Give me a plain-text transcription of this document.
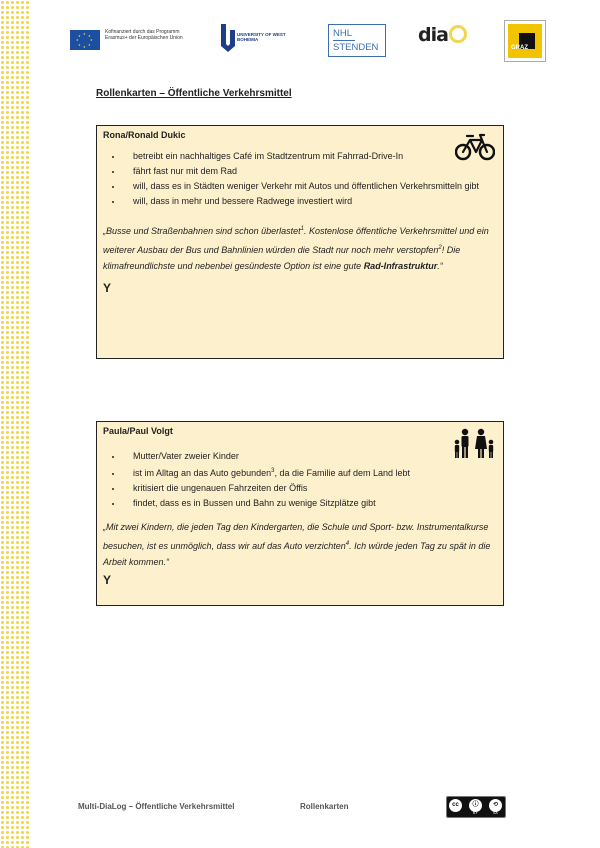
★ ★
★
★
★
★
★
★
Kofinanziert durch das Programm Erasmus+ der Europäischen Union
UNIVERSITY OF WEST BOHEMIA
NHL
STENDEN
dia
GRAZ
Rollenkarten – Öffentliche Verkehrsmittel
Rona/Ronald Dukic
• betreibt ein nachhaltiges Café im Stadtzentrum mit Fahrrad-Drive-In
• fährt fast nur mit dem Rad
• will, dass es in Städten weniger Verkehr mit Autos und öffentlichen Verkehrsmitteln gibt
• will, dass in mehr und bessere Radwege investiert wird
„Busse und Straßenbahnen sind schon überlastet$^1$. Kostenlose öffentliche Verkehrsmittel und ein weiterer Ausbau der Bus und Bahnlinien würden die Stadt nur noch mehr verstopfen$^2$! Die klimafreundlichste und nebenbei gesündeste Option ist eine gute Rad-Infrastruktur.“
Y
Paula/Paul Volgt
• Mutter/Vater zweier Kinder
• ist im Alltag an das Auto gebunden$^3$, da die Familie auf dem Land lebt
• kritisiert die ungenauen Fahrzeiten der Öffis
• findet, dass es in Bussen und Bahn zu wenige Sitzplätze gibt
„Mit zwei Kindern, die jeden Tag den Kindergarten, die Schule und Sport- bzw. Instrumentalkurse besuchen, ist es unmöglich, dass wir auf das Auto verzichten$^4$. Ich würde jeden Tag zu spät in die Arbeit kommen.“
Y
Multi-DiaLog – Öffentliche Verkehrsmittel	Rollenkarten	cc	ⓘ	⟲
BY	SA
